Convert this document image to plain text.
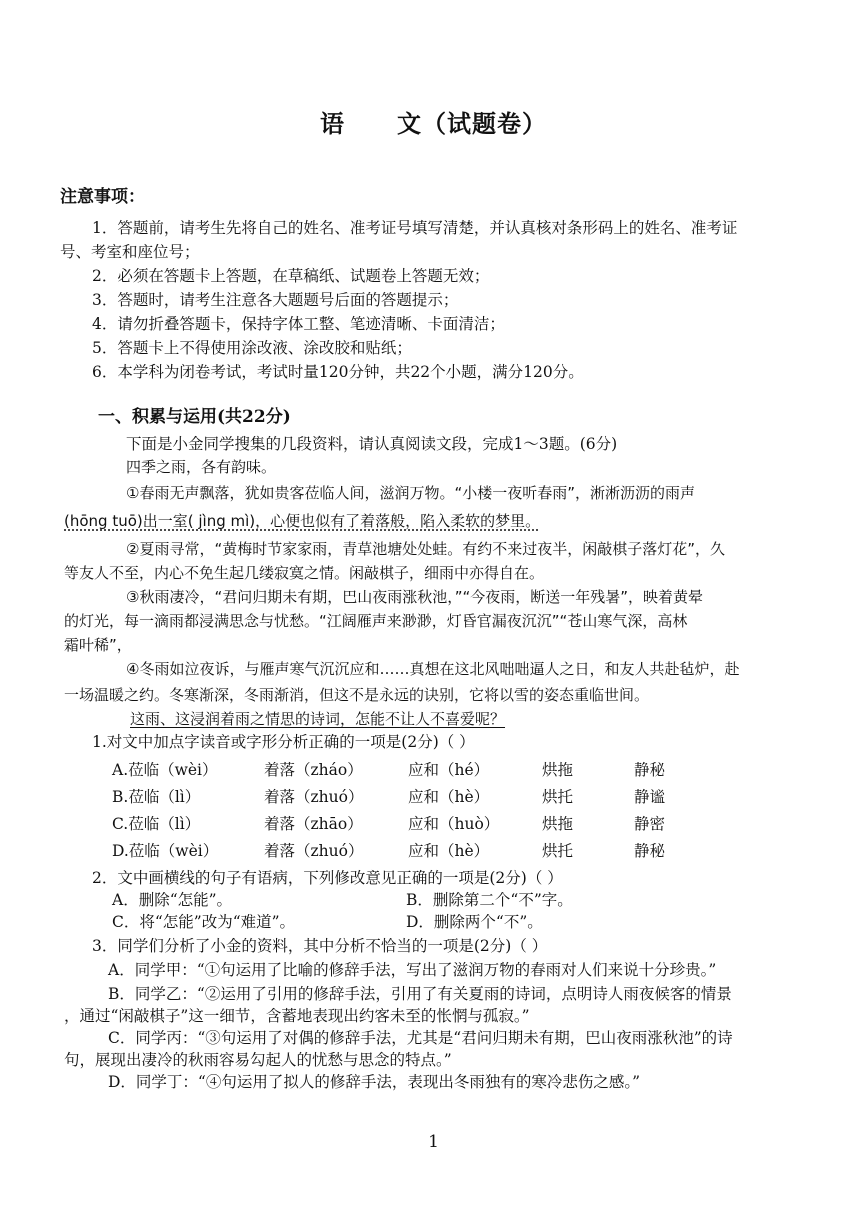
语 文（试题卷）
注意事项：
1．答题前，请考生先将自己的姓名、准考证号填写清楚，并认真核对条形码上的姓名、准考证
号、考室和座位号；
2．必须在答题卡上答题，在草稿纸、试题卷上答题无效；
3．答题时，请考生注意各大题题号后面的答题提示；
4．请勿折叠答题卡，保持字体工整、笔迹清晰、卡面清洁；
5．答题卡上不得使用涂改液、涂改胶和贴纸；
6．本学科为闭卷考试，考试时量120分钟，共22个小题，满分120分。
一、积累与运用(共22分)
下面是小金同学搜集的几段资料，请认真阅读文段，完成1～3题。(6分)
四季之雨，各有韵味。
①春雨无声飘落，犹如贵客莅临人间，滋润万物。“小楼一夜听春雨”，淅淅沥沥的雨声
(hōng tuō)出一室( jìng mì)，心便也似有了着落般，陷入柔软的梦里。
②夏雨寻常，“黄梅时节家家雨，青草池塘处处蛙。有约不来过夜半，闲敲棋子落灯花”，久
等友人不至，内心不免生起几缕寂寞之情。闲敲棋子，细雨中亦得自在。
③秋雨凄冷，“君问归期未有期，巴山夜雨涨秋池，”“今夜雨，断送一年残暑”，映着黄晕
的灯光，每一滴雨都浸满思念与忧愁。“江阔雁声来渺渺，灯昏官漏夜沉沉”“苍山寒气深，高林
霜叶稀”，
④冬雨如泣夜诉，与雁声寒气沉沉应和……真想在这北风咄咄逼人之日，和友人共赴毡炉，赴
一场温暖之约。冬寒渐深，冬雨渐消，但这不是永远的诀别，它将以雪的姿态重临世间。
这雨、这浸润着雨之情思的诗词，怎能不让人不喜爱呢？
1.对文中加点字读音或字形分析正确的一项是(2分)（ ）
A.莅临（wèi）	着落（zháo）	应和（hé）	烘拖	静秘
B.莅临（lì）	着落（zhuó）	应和（hè）	烘托	静谧
C.莅临（lì）	着落（zhāo）	应和（huò）	烘拖	静密
D.莅临（wèi）	着落（zhuó）	应和（hè）	烘托	静秘
2．文中画横线的句子有语病，下列修改意见正确的一项是(2分)（ ）
A．删除“怎能”。	B．删除第二个“不”字。
C．将“怎能”改为“难道”。	D．删除两个“不”。
3．同学们分析了小金的资料，其中分析不恰当的一项是(2分)（ ）
A．同学甲：“①句运用了比喻的修辞手法，写出了滋润万物的春雨对人们来说十分珍贵。”
B．同学乙：“②运用了引用的修辞手法，引用了有关夏雨的诗词，点明诗人雨夜候客的情景
，通过“闲敲棋子”这一细节，含蓄地表现出约客未至的怅惘与孤寂。”
C．同学丙：“③句运用了对偶的修辞手法，尤其是“君问归期未有期，巴山夜雨涨秋池”的诗
句，展现出凄冷的秋雨容易勾起人的忧愁与思念的特点。”
D．同学丁：“④句运用了拟人的修辞手法，表现出冬雨独有的寒冷悲伤之感。”
1
